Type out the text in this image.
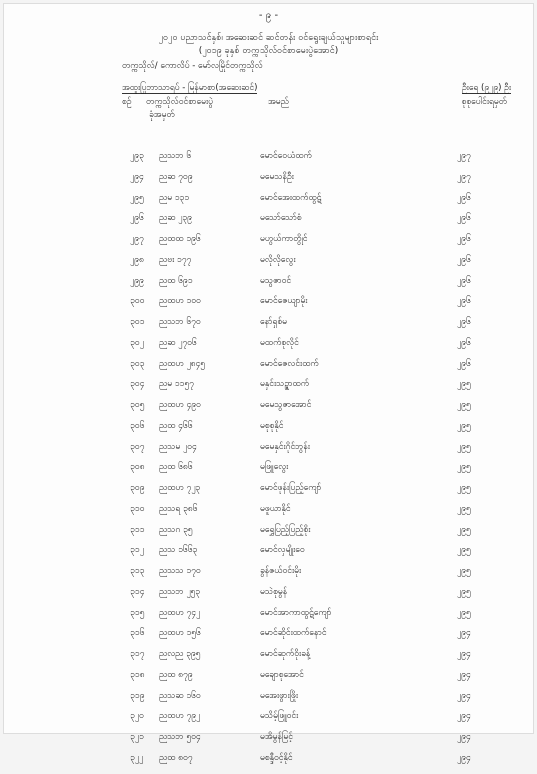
- ၉ -
၂၀၂၀ ပညာသင်နှစ်၊ အဆေးဆင် ဆင်တန်း ဝင်ရွေးချယ်သူများစာရင်း
(၂၀၁၉ ခုနှစ် တက္ကသိုလ်ဝင်စာမေးပွဲအောင်)
တက္ကသိုလ်/ ကောလိပ် - မော်လမြိုင်တက္ကသိုလ်
အထူးပြုဘာသာရပ် - မြန်မာစာ(အဆေးဆင်)	ဦးရေ (၉၂၉) ဦး
စဉ် တက္ကသိုလ်ဝင်စာမေးပွဲ
ခုံအမှတ်
အမည်	စုစုပေါင်းရမှတ်
၂၉၃ ညသဘ ၆	မောင်ဝေယံထက်	၂၉၇
၂၉၄ ညဆ ၇၀၉	မမေသနိဦး	၂၉၇
၂၉၅ ညမ ၁၃၁	မောင်အေးထက်ထွဋ်	၂၉၆
၂၉၆ ညဆ ၂၃၉	မသော်သော်စံ	၂၉၆
၂၉၇ ညထထ ၁၉၆	မဟွယ်ကာတွိုင်	၂၉၆
၂၉၈ ညဗး ၁၇၇	မလိုလိုလွေး	၂၉၆
၂၉၉ ညထ ၆၉၁	မသွဇာဝင်	၂၉၆
၃၀၀ ညထဟ ၁၀၀	မောင်ဇေယျာမိုး	၂၉၆
၃၀၁ ညသဘ ၆၇၀	နော်ရှစ်မ	၂၉၆
၃၀၂ ညဆ ၂၇၀၆	မထက်စုလိုင်	၂၉၆
၃၀၃ ညထဟ ၂၈၄၅	မောင်ဇေလင်းထက်	၂၉၆
၃၀၄ ညမ ၁၁၅၇	မနှင်းသဉ္ဇာထက်	၂၉၅
၃၀၅ ညထဟ ၄၉၀	မမေသွဇာအောင်	၂၉၅
၃၀၆ ညထ ၄၆၆	မစုစုနိုင်	၂၉၅
၃၀၇ ညသမ ၂၀၄	မမေနှင်းဂိုင်ဘွန်း	၂၉၅
၃၀၈ ညထ ၆၈၆	မဖြူလွေး	၂၉၅
၃၀၉ ညထဟ ၇၂၃	မောင်ဖုန်းပြည့်ကျော်	၂၉၅
၃၁၀ ညသရ ၃၈၆	မဖူယာနိုင်	၂၉၅
၃၁၁ ညသဂ ၃၅	မရွှေပြည့်ပြည့်စိုး	၂၉၅
၃၁၂ ညသ ၁၆၆၃	မောင်လှမျိုးဝေ	၂၉၅
၃၁၃ ညသသ ၁၇၀	ခွန်ဇယ်ဝင်းမိုး	၂၉၅
၃၁၄ ညသဘ ၂၅၃	မသဲစုမွန်	၂၉၅
၃၁၅ ညထဟ ၇၄၂	မောင်အာကာထွဋ်ကျော်	၂၉၅
၃၁၆ ညထဟ ၁၅၆	မောင်ဆိုင်းထက်နောင်	၂၉၄
၃၁၇ ညလည ၃၉၅	မောင်ဆုက်ဝိုးခန့်	၂၉၄
၃၁၈ ညထ ၈၇၉	မချောစုအောင်	၂၉၄
၃၁၉ ညသဆ ၁၆၀	မအေးဖွားဖြိုး	၂၉၄
၃၂၀ ညထဟ ၇၉၂	မသိမ့်ဖြူဝင်း	၂၉၄
၃၂၁ ညသဘ ၅၀၄	မအိမွန်မြင့်	၂၉၄
၃၂၂ ညထ ၈၀၇	မစန္ဒီဝင့်နိုင်	၂၉၄
